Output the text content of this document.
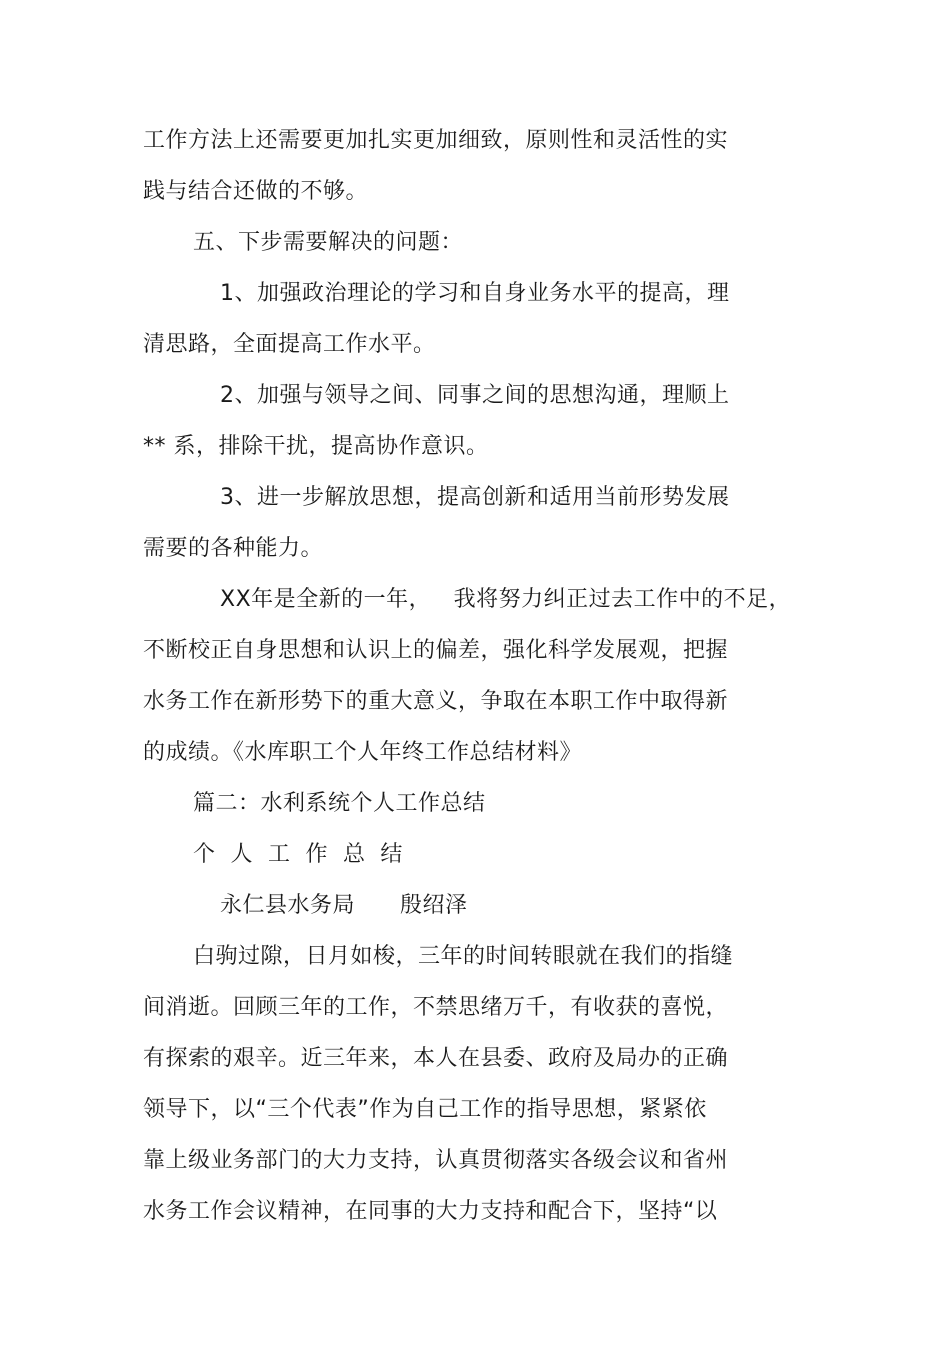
工作方法上还需要更加扎实更加细致，原则性和灵活性的实
践与结合还做的不够。
五、下步需要解决的问题：
1、加强政治理论的学习和自身业务水平的提高，理
清思路，全面提高工作水平。
2、加强与领导之间、同事之间的思想沟通，理顺上
** 系，排除干扰，提高协作意识。
3、进一步解放思想，提高创新和适用当前形势发展
需要的各种能力。
XX年是全新的一年，   我将努力纠正过去工作中的不足，
不断校正自身思想和认识上的偏差，强化科学发展观，把握
水务工作在新形势下的重大意义，争取在本职工作中取得新
的成绩。《水库职工个人年终工作总结材料》
篇二：水利系统个人工作总结
个  人  工  作  总  结
永仁县水务局      殷绍泽
白驹过隙，日月如梭，三年的时间转眼就在我们的指缝
间消逝。回顾三年的工作，不禁思绪万千，有收获的喜悦，
有探索的艰辛。近三年来，本人在县委、政府及局办的正确
领导下，以“三个代表”作为自己工作的指导思想，紧紧依
靠上级业务部门的大力支持，认真贯彻落实各级会议和省州
水务工作会议精神，在同事的大力支持和配合下，坚持“以
